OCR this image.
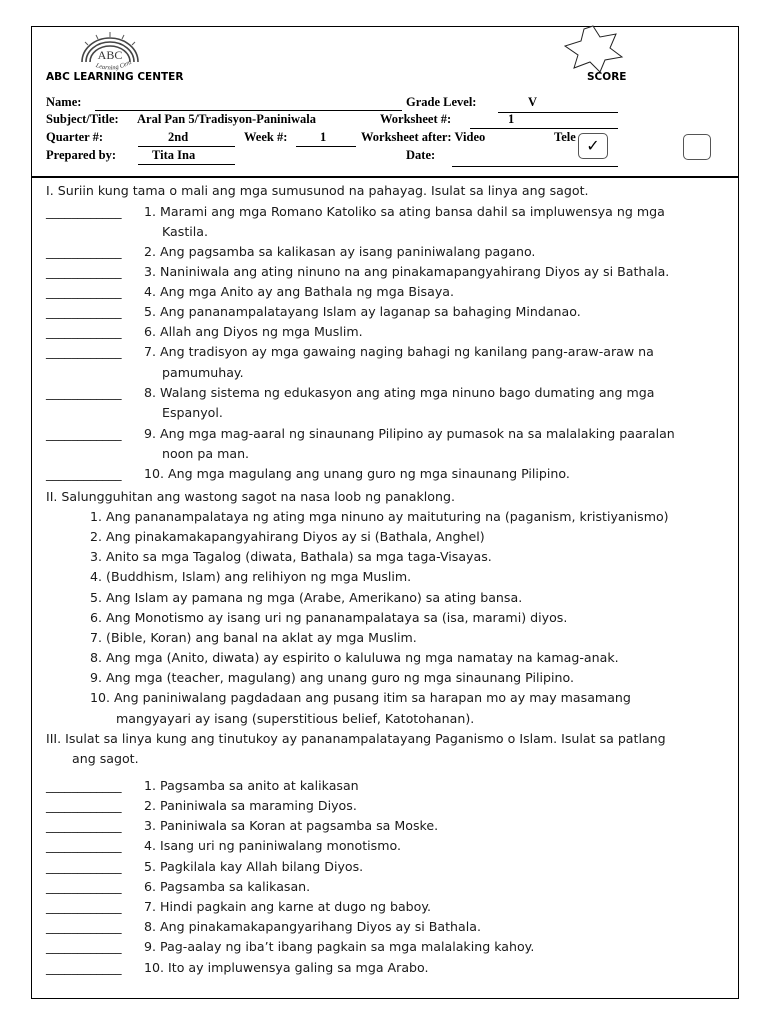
ABC
Learning Cent
ABC LEARNING CENTER	SCORE
Name:	Grade Level:	V
Subject/Title: Aral Pan 5/Tradisyon-Paniniwala	Worksheet #:	1
Quarter #:	2nd	Week #:	1	Worksheet after: Video	Tele ✓
Prepared by:	Tita Ina	Date:
I. Suriin kung tama o mali ang mga sumusunod na pahayag. Isulat sa linya ang sagot.
_____1. Marami ang mga Romano Katoliko sa ating bansa dahil sa impluwensya ng mga
Kastila.
_____2. Ang pagsamba sa kalikasan ay isang paniniwalang pagano.
_____3. Naniniwala ang ating ninuno na ang pinakamapangyahirang Diyos ay si Bathala.
_____4. Ang mga Anito ay ang Bathala ng mga Bisaya.
_____5. Ang pananampalatayang Islam ay laganap sa bahaging Mindanao.
_____6. Allah ang Diyos ng mga Muslim.
_____7. Ang tradisyon ay mga gawaing naging bahagi ng kanilang pang-araw-araw na
pamumuhay.
_____8. Walang sistema ng edukasyon ang ating mga ninuno bago dumating ang mga
Espanyol.
_____9. Ang mga mag-aaral ng sinaunang Pilipino ay pumasok na sa malalaking paaralan
noon pa man.
_____10. Ang mga magulang ang unang guro ng mga sinaunang Pilipino.
II. Salungguhitan ang wastong sagot na nasa loob ng panaklong.
1. Ang pananampalataya ng ating mga ninuno ay maituturing na (paganism, kristiyanismo)
2. Ang pinakamakapangyahirang Diyos ay si (Bathala, Anghel)
3. Anito sa mga Tagalog (diwata, Bathala) sa mga taga-Visayas.
4. (Buddhism, Islam) ang relihiyon ng mga Muslim.
5. Ang Islam ay pamana ng mga (Arabe, Amerikano) sa ating bansa.
6. Ang Monotismo ay isang uri ng pananampalataya sa (isa, marami) diyos.
7. (Bible, Koran) ang banal na aklat ay mga Muslim.
8. Ang mga (Anito, diwata) ay espirito o kaluluwa ng mga namatay na kamag-anak.
9. Ang mga (teacher, magulang) ang unang guro ng mga sinaunang Pilipino.
10. Ang paniniwalang pagdadaan ang pusang itim sa harapan mo ay may masamang
mangyayari ay isang (superstitious belief, Katotohanan).
III. Isulat sa linya kung ang tinutukoy ay pananampalatayang Paganismo o Islam. Isulat sa patlang
ang sagot.
_____1. Pagsamba sa anito at kalikasan
_____2. Paniniwala sa maraming Diyos.
_____3. Paniniwala sa Koran at pagsamba sa Moske.
_____4. Isang uri ng paniniwalang monotismo.
_____5. Pagkilala kay Allah bilang Diyos.
_____6. Pagsamba sa kalikasan.
_____7. Hindi pagkain ang karne at dugo ng baboy.
_____8. Ang pinakamakapangyarihang Diyos ay si Bathala.
_____9. Pag-aalay ng iba’t ibang pagkain sa mga malalaking kahoy.
_____10. Ito ay impluwensya galing sa mga Arabo.
